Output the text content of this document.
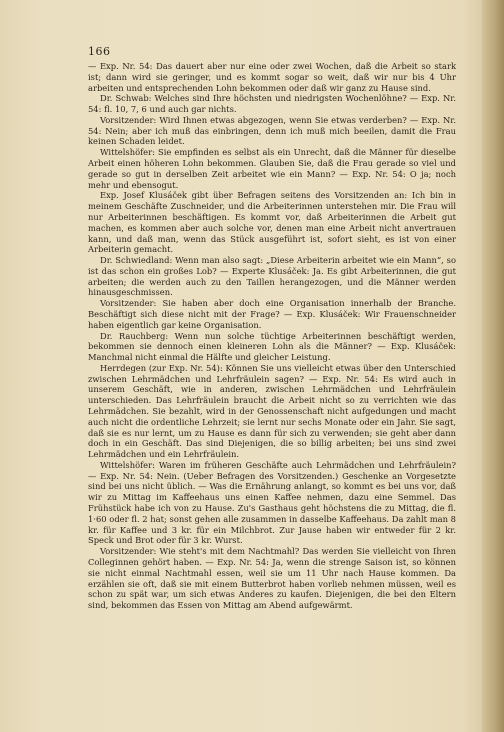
166

— Exp. Nr. 54: Das dauert aber nur eine oder zwei Wochen, daß die Arbeit so stark ist; dann wird sie geringer, und es kommt sogar so weit, daß wir nur bis 4 Uhr arbeiten und entsprechenden Lohn bekommen oder daß wir ganz zu Hause sind.

Dr. Schwab: Welches sind Ihre höchsten und niedrigsten Wochenlöhne? — Exp. Nr. 54: fl. 10, 7, 6 und auch gar nichts.

Vorsitzender: Wird Ihnen etwas abgezogen, wenn Sie etwas verderben? — Exp. Nr. 54: Nein; aber ich muß das einbringen, denn ich muß mich beeilen, damit die Frau keinen Schaden leidet.

Wittelshöfer: Sie empfinden es selbst als ein Unrecht, daß die Männer für dieselbe Arbeit einen höheren Lohn bekommen. Glauben Sie, daß die Frau gerade so viel und gerade so gut in derselben Zeit arbeitet wie ein Mann? — Exp. Nr. 54: O ja; noch mehr und ebensogut.

Exp. Josef Klusáček gibt über Befragen seitens des Vorsitzenden an: Ich bin in meinem Geschäfte Zuschneider, und die Arbeiterinnen unterstehen mir. Die Frau will nur Arbeiterinnen beschäftigen. Es kommt vor, daß Arbeiterinnen die Arbeit gut machen, es kommen aber auch solche vor, denen man eine Arbeit nicht anvertrauen kann, und daß man, wenn das Stück ausgeführt ist, sofort sieht, es ist von einer Arbeiterin gemacht.

Dr. Schwiedland: Wenn man also sagt: „Diese Arbeiterin arbeitet wie ein Mann“, so ist das schon ein großes Lob? — Experte Klusáček: Ja. Es gibt Arbeiterinnen, die gut arbeiten; die werden auch zu den Taillen herangezogen, und die Männer werden hinausgeschmissen.

Vorsitzender: Sie haben aber doch eine Organisation innerhalb der Branche. Beschäftigt sich diese nicht mit der Frage? — Exp. Klusáček: Wir Frauenschneider haben eigentlich gar keine Organisation.

Dr. Rauchberg: Wenn nun solche tüchtige Arbeiterinnen beschäftigt werden, bekommen sie dennoch einen kleineren Lohn als die Männer? — Exp. Klusáček: Manchmal nicht einmal die Hälfte und gleicher Leistung.

Herrdegen (zur Exp. Nr. 54): Können Sie uns vielleicht etwas über den Unterschied zwischen Lehrmädchen und Lehrfräulein sagen? — Exp. Nr. 54: Es wird auch in unserem Geschäft, wie in anderen, zwischen Lehrmädchen und Lehrfräulein unterschieden. Das Lehrfräulein braucht die Arbeit nicht so zu verrichten wie das Lehrmädchen. Sie bezahlt, wird in der Genossenschaft nicht aufgedungen und macht auch nicht die ordentliche Lehrzeit; sie lernt nur sechs Monate oder ein Jahr. Sie sagt, daß sie es nur lernt, um zu Hause es dann für sich zu verwenden; sie geht aber dann doch in ein Geschäft. Das sind Diejenigen, die so billig arbeiten; bei uns sind zwei Lehrmädchen und ein Lehrfräulein.

Wittelshöfer: Waren im früheren Geschäfte auch Lehrmädchen und Lehrfräulein? — Exp. Nr. 54: Nein. (Ueber Befragen des Vorsitzenden.) Geschenke an Vorgesetzte sind bei uns nicht üblich. — Was die Ernährung anlangt, so kommt es bei uns vor, daß wir zu Mittag im Kaffeehaus uns einen Kaffee nehmen, dazu eine Semmel. Das Frühstück habe ich von zu Hause. Zu's Gasthaus geht höchstens die zu Mittag, die fl. 1·60 oder fl. 2 hat; sonst gehen alle zusammen in dasselbe Kaffeehaus. Da zahlt man 8 kr. für Kaffee und 3 kr. für ein Milchbrot. Zur Jause haben wir entweder für 2 kr. Speck und Brot oder für 3 kr. Wurst.

Vorsitzender: Wie steht's mit dem Nachtmahl? Das werden Sie vielleicht von Ihren Colleginnen gehört haben. — Exp. Nr. 54: Ja, wenn die strenge Saison ist, so können sie nicht einmal Nachtmahl essen, weil sie um 11 Uhr nach Hause kommen. Da erzählen sie oft, daß sie mit einem Butterbrot haben vorlieb nehmen müssen, weil es schon zu spät war, um sich etwas Anderes zu kaufen. Diejenigen, die bei den Eltern sind, bekommen das Essen von Mittag am Abend aufgewärmt.
